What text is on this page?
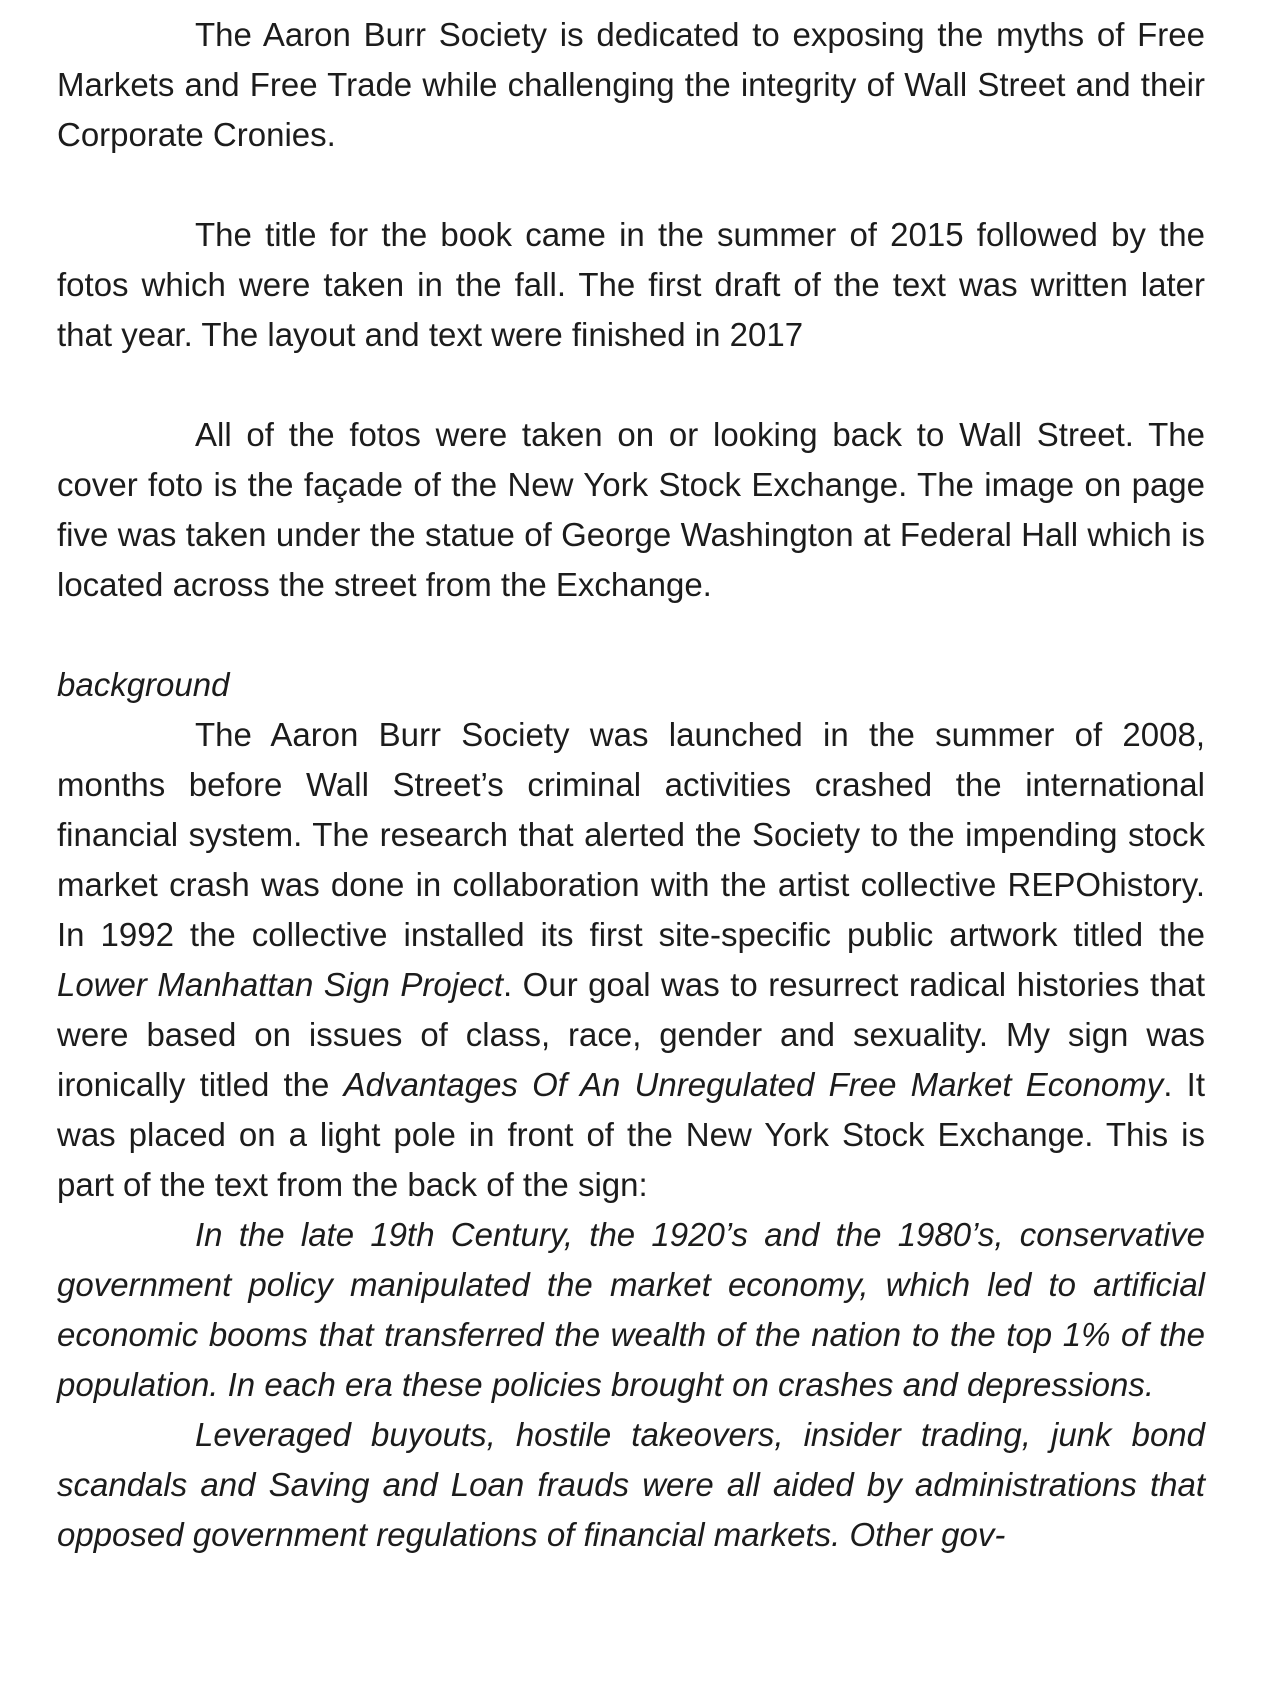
The Aaron Burr Society is dedicated to exposing the myths of Free Markets and Free Trade while challenging the integrity of Wall Street and their Corporate Cronies.

The title for the book came in the summer of 2015 followed by the fotos which were taken in the fall. The first draft of the text was written later that year. The layout and text were finished in 2017

All of the fotos were taken on or looking back to Wall Street. The cover foto is the façade of the New York Stock Exchange. The image on page five was taken under the statue of George Washington at Federal Hall which is located across the street from the Exchange.

background

The Aaron Burr Society was launched in the summer of 2008, months before Wall Street’s criminal activities crashed the international financial system. The research that alerted the Society to the impending stock market crash was done in collaboration with the artist collective REPOhistory. In 1992 the collective installed its first site-specific public artwork titled the Lower Manhattan Sign Project. Our goal was to resurrect radical histories that were based on issues of class, race, gender and sexuality. My sign was ironically titled the Advantages Of An Unregulated Free Market Economy. It was placed on a light pole in front of the New York Stock Exchange. This is part of the text from the back of the sign:

In the late 19th Century, the 1920’s and the 1980’s, conservative government policy manipulated the market economy, which led to artificial economic booms that transferred the wealth of the nation to the top 1% of the population. In each era these policies brought on crashes and depressions.

Leveraged buyouts, hostile takeovers, insider trading, junk bond scandals and Saving and Loan frauds were all aided by administrations that opposed government regulations of financial markets. Other gov-
